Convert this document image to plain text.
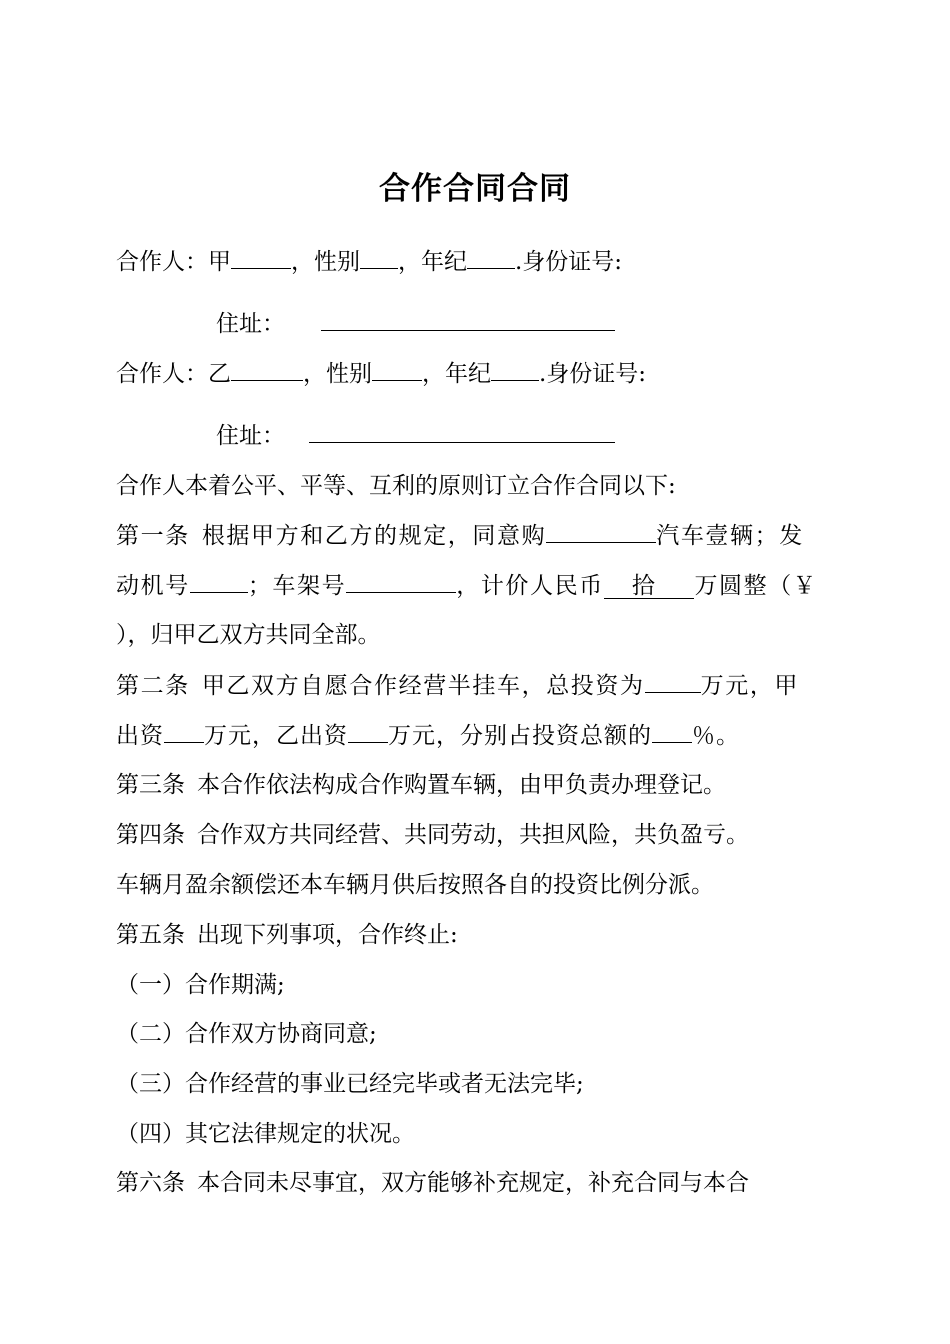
合作合同合同
合作人：甲	，性别 ，年纪 .身份证号:
住址：
合作人：乙	，性别 ，年纪 .身份证号:
住址：
合作人本着公平、平等、互利的原则订立合作合同以下:
第一条 根据甲方和乙方的规定，同意购	汽车壹辆；发
动机号	；车架号	，计价人民币 拾 万圆整（￥
），归甲乙双方共同全部。
第二条 甲乙双方自愿合作经营半挂车，总投资为 万元，甲
出资 万元，乙出资 万元，分别占投资总额的 ％。
第三条 本合作依法构成合作购置车辆，由甲负责办理登记。
第四条 合作双方共同经营、共同劳动，共担风险，共负盈亏。
车辆月盈余额偿还本车辆月供后按照各自的投资比例分派。
第五条 出现下列事项，合作终止:
（一）合作期满;
（二）合作双方协商同意;
（三）合作经营的事业已经完毕或者无法完毕;
（四）其它法律规定的状况。
第六条 本合同未尽事宜，双方能够补充规定，补充合同与本合
